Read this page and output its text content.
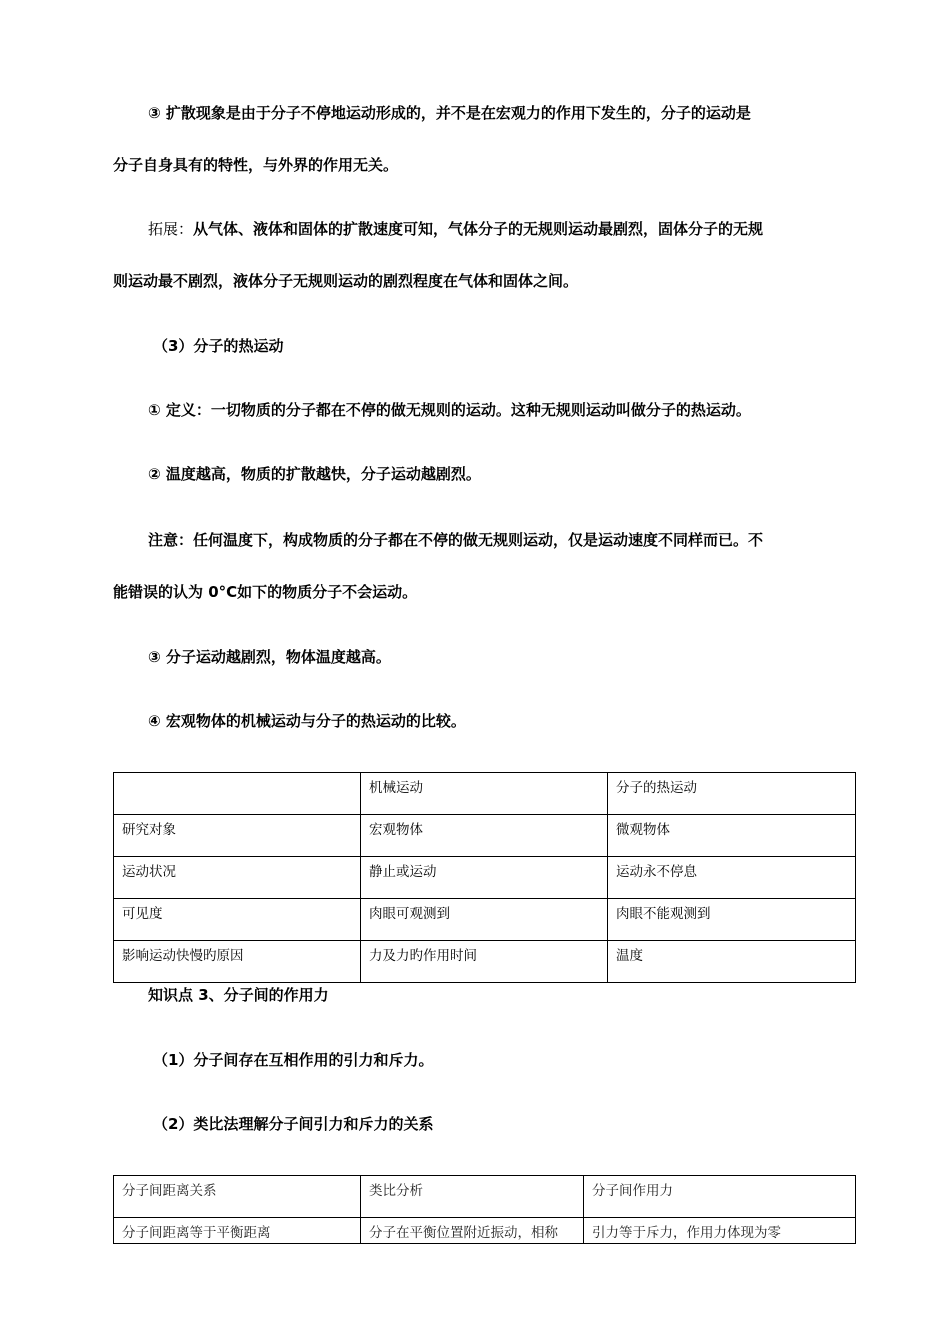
③ 扩散现象是由于分子不停地运动形成的，并不是在宏观力的作用下发生的，分子的运动是
分子自身具有的特性，与外界的作用无关。
拓展：从气体、液体和固体的扩散速度可知，气体分子的无规则运动最剧烈，固体分子的无规
则运动最不剧烈，液体分子无规则运动的剧烈程度在气体和固体之间。
（3）分子的热运动
① 定义：一切物质的分子都在不停的做无规则的运动。这种无规则运动叫做分子的热运动。
② 温度越高，物质的扩散越快，分子运动越剧烈。
注意：任何温度下，构成物质的分子都在不停的做无规则运动，仅是运动速度不同样而已。不
能错误的认为 0°C如下的物质分子不会运动。
③ 分子运动越剧烈，物体温度越高。
④ 宏观物体的机械运动与分子的热运动的比较。
	机械运动	分子的热运动
研究对象	宏观物体	微观物体
运动状况	静止或运动	运动永不停息
可见度	肉眼可观测到	肉眼不能观测到
影响运动快慢旳原因	力及力旳作用时间	温度
知识点 3、分子间的作用力
（1）分子间存在互相作用的引力和斥力。
（2）类比法理解分子间引力和斥力的关系
分子间距离关系	类比分析	分子间作用力
分子间距离等于平衡距离	分子在平衡位置附近振动，相称	引力等于斥力，作用力体现为零
